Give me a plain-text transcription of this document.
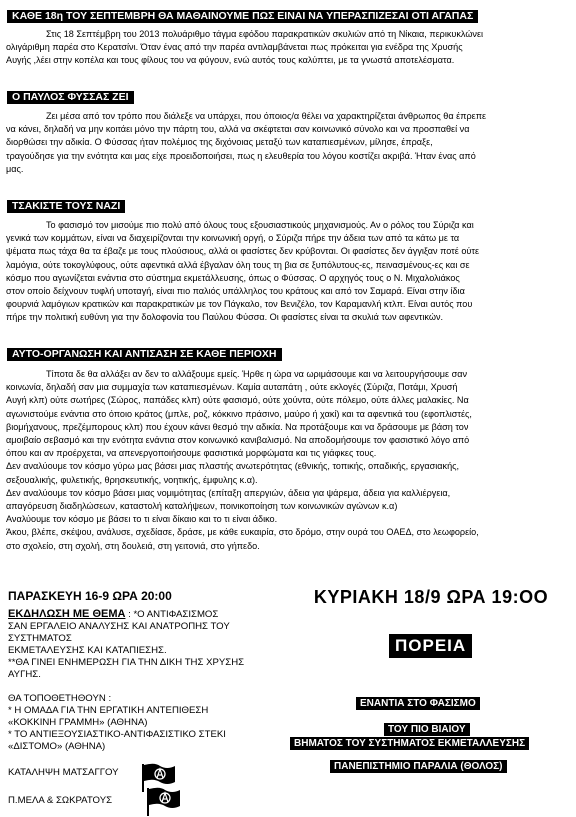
ΚΑΘΕ 18η ΤΟΥ ΣΕΠΤΕΜΒΡΗ ΘΑ ΜΑΘΑΙΝΟΥΜΕ ΠΩΣ ΕΙΝΑΙ ΝΑ ΥΠΕΡΑΣΠΙΖΕΣΑΙ ΟΤΙ ΑΓΑΠΑΣ
Στις 18 Σεπτέμβρη του 2013 πολυάριθμο τάγμα εφόδου παρακρατικών σκυλιών από τη Νίκαια, περικυκλώνει
ολιγάριθμη παρέα στο Κερατσίνι. Όταν ένας από την παρέα αντιλαμβάνεται πως πρόκειται για ενέδρα της Χρυσής
Αυγής ,λέει στην κοπέλα και τους φίλους του να φύγουν, ενώ αυτός τους καλύπτει, με τα γνωστά αποτελέσματα.
Ο ΠΑΥΛΟΣ ΦΥΣΣΑΣ ΖΕΙ
Ζει μέσα από τον τρόπο που διάλεξε να υπάρχει, που όποιος/α θέλει να χαρακτηρίζεται άνθρωπος θα έπρεπε
να κάνει, δηλαδή να μην κοιτάει μόνο την πάρτη του, αλλά να σκέφτεται σαν κοινωνικό σύνολο και να προσπαθεί να
διορθώσει την αδικία. Ο Φύσσας ήταν πολέμιος της διχόνοιας μεταξύ των καταπιεσμένων, μίλησε, έπραξε,
τραγούδησε για την ενότητα και μας είχε προειδοποιήσει, πως η ελευθερία του λόγου κοστίζει ακριβά. Ήταν ένας από
μας.
ΤΣΑΚΙΣΤΕ ΤΟΥΣ ΝΑΖΙ
Το φασισμό τον μισούμε πιο πολύ από όλους τους εξουσιαστικούς μηχανισμούς. Αν ο ρόλος του Σύριζα και
γενικά των κομμάτων, είναι να διαχειρίζονται την κοινωνική οργή, ο Σύριζα πήρε την άδεια των από τα κάτω με τα
ψέματα πως τάχα θα τα έβαζε με τους πλούσιους, αλλά οι φασίστες δεν κρύβονται. Οι φασίστες δεν άγγιξαν ποτέ ούτε
λαμόγια, ούτε τοκογλύφους, ούτε αφεντικά αλλά έβγαλαν όλη τους τη βια σε ξυπόλυτους-ες, πεινασμένους-ες και σε
κόσμο που αγωνίζεται ενάντια στο σύστημα εκμετάλλευσης, όπως ο Φύσσας. Ο αρχηγός τους ο Ν. Μιχαλολιάκος
στον οποίο δείχνουν τυφλή υποταγή, είναι πιο παλιός υπάλληλος του κράτους και από τον Σαμαρά. Είναι στην ίδια
φουρνιά λαμόγιων κρατικών και παρακρατικών με τον Πάγκαλο, τον Βενιζέλο, τον Καραμανλή κτλπ. Είναι αυτός που
πήρε την πολιτική ευθύνη για την δολοφονία του Παύλου Φύσσα. Οι φασίστες είναι τα σκυλιά των αφεντικών.
ΑΥΤΟ-ΟΡΓΑΝΩΣΗ ΚΑΙ ΑΝΤΙΣΑΣΗ ΣΕ ΚΑΘΕ ΠΕΡΙΟΧΗ
Τίποτα δε θα αλλάξει αν δεν το αλλάξουμε εμείς. Ήρθε η ώρα να ωριμάσουμε και να λειτουργήσουμε σαν
κοινωνία, δηλαδή σαν μια συμμαχία των καταπιεσμένων. Καμία αυταπάτη , ούτε εκλογές (Σύριζα, Ποτάμι, Χρυσή
Αυγή κλπ) ούτε σωτήρες (Σώρος, παπάδες κλπ) ούτε φασισμό, ούτε χούντα, ούτε πόλεμο, ούτε άλλες μαλακίες. Να
αγωνιστούμε ενάντια στο όποιο κράτος (μπλε, ροζ, κόκκινο πράσινο, μαύρο ή χακί) και τα αφεντικά του (εφοπλιστές,
βιομήχανους, πρεζέμπορους κλπ) που έχουν κάνει θεσμό την αδικία. Να προτάξουμε και να δράσουμε με βάση τον
αμοιβαίο σεβασμό και την ενότητα ενάντια στον κοινωνικό κανιβαλισμό. Να αποδομήσουμε τον φασιστικό λόγο από
όπου και αν προέρχεται, να απενεργοποιήσουμε φασιστικά μορφώματα και τις γιάφκες τους.
Δεν αναλύουμε τον κόσμο γύρω μας βάσει μιας πλαστής ανωτερότητας (εθνικής, τοπικής, οπαδικής, εργασιακής,
σεξουαλικής, φυλετικής, θρησκευτικής, νοητικής, έμφυλης κ.α).
Δεν αναλύουμε τον κόσμο βάσει μιας νομιμότητας (επίταξη απεργιών, άδεια για ψάρεμα, άδεια για καλλιέργεια,
απαγόρευση διαδηλώσεων, καταστολή καταλήψεων, ποινικοποίηση των κοινωνικών αγώνων κ.α)
Αναλύουμε τον κόσμο με βάσει το τι είναι δίκαιο και το τι είναι άδικο.
Άκου, βλέπε, σκέψου, ανάλυσε, σχεδίασε, δράσε, με κάθε ευκαιρία, στο δρόμο, στην ουρά του ΟΑΕΔ, στο λεωφορείο,
στο σχολείο, στη σχολή, στη δουλειά, στη γειτονιά, στο γήπεδο.
ΠΑΡΑΣΚΕΥΗ 16-9 ΩΡΑ 20:00
ΕΚΔΗΛΩΣΗ ΜΕ ΘΕΜΑ : *Ο ΑΝΤΙΦΑΣΙΣΜΟΣ
ΣΑΝ ΕΡΓΑΛΕΙΟ ΑΝΑΛΥΣΗΣ ΚΑΙ ΑΝΑΤΡΟΠΗΣ ΤΟΥ
ΣΥΣΤΗΜΑΤΟΣ
ΕΚΜΕΤΑΛΕΥΣΗΣ ΚΑΙ ΚΑΤΑΠΙΕΣΗΣ.
**ΘΑ ΓΙΝΕΙ ΕΝΗΜΕΡΩΣΗ ΓΙΑ ΤΗΝ ΔΙΚΗ ΤΗΣ ΧΡΥΣΗΣ
ΑΥΓΗΣ.
ΘΑ ΤΟΠΟΘΕΤΗΘΟΥΝ :
* Η ΟΜΑΔΑ ΓΙΑ ΤΗΝ ΕΡΓΑΤΙΚΗ ΑΝΤΕΠΙΘΕΣΗ
«ΚΟΚΚΙΝΗ ΓΡΑΜΜΗ» (ΑΘΗΝΑ)
* ΤΟ ΑΝΤΙΕΞΟΥΣΙΑΣΤΙΚΟ-ΑΝΤΙΦΑΣΙΣΤΙΚΟ ΣΤΕΚΙ
«ΔΙΣΤΟΜΟ» (ΑΘΗΝΑ)
ΚΑΤΑΛΗΨΗ ΜΑΤΣΑΓΓΟΥ
Π.ΜΕΛΑ & ΣΩΚΡΑΤΟΥΣ
ΚΥΡΙΑΚΗ 18/9 ΩΡΑ 19:ΟΟ
ΠΟΡΕΙΑ
ΕΝΑΝΤΙΑ ΣΤΟ ΦΑΣΙΣΜΟ
ΤΟΥ ΠΙΟ ΒΙΑΙΟΥ
ΒΗΜΑΤΟΣ ΤΟΥ ΣΥΣΤΗΜΑΤΟΣ ΕΚΜΕΤΑΛΛΕΥΣΗΣ
ΠΑΝΕΠΙΣΤΗΜΙΟ ΠΑΡΑΛΙΑ (ΘΟΛΟΣ)
